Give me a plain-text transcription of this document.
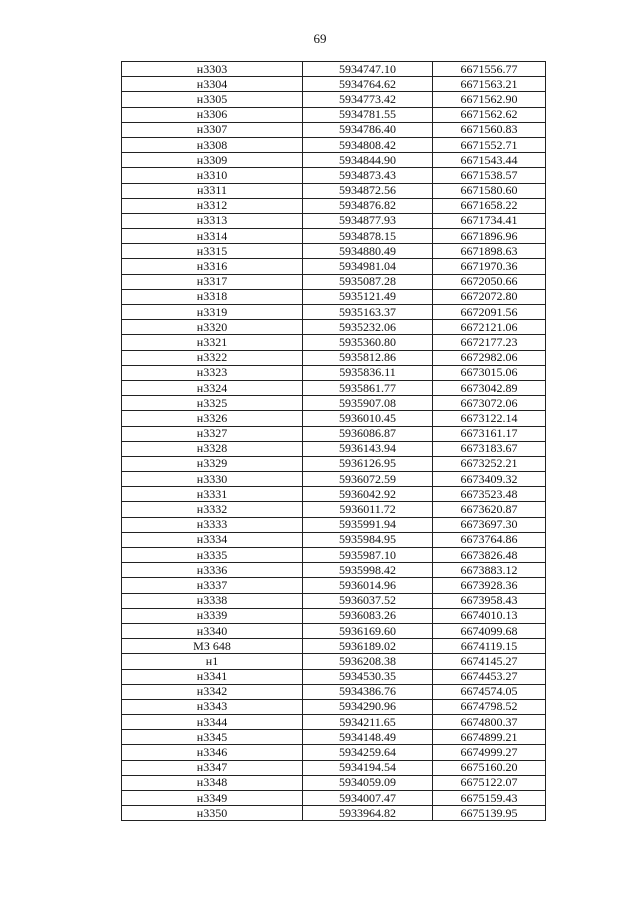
69
н3303	5934747.10	6671556.77
н3304	5934764.62	6671563.21
н3305	5934773.42	6671562.90
н3306	5934781.55	6671562.62
н3307	5934786.40	6671560.83
н3308	5934808.42	6671552.71
н3309	5934844.90	6671543.44
н3310	5934873.43	6671538.57
н3311	5934872.56	6671580.60
н3312	5934876.82	6671658.22
н3313	5934877.93	6671734.41
н3314	5934878.15	6671896.96
н3315	5934880.49	6671898.63
н3316	5934981.04	6671970.36
н3317	5935087.28	6672050.66
н3318	5935121.49	6672072.80
н3319	5935163.37	6672091.56
н3320	5935232.06	6672121.06
н3321	5935360.80	6672177.23
н3322	5935812.86	6672982.06
н3323	5935836.11	6673015.06
н3324	5935861.77	6673042.89
н3325	5935907.08	6673072.06
н3326	5936010.45	6673122.14
н3327	5936086.87	6673161.17
н3328	5936143.94	6673183.67
н3329	5936126.95	6673252.21
н3330	5936072.59	6673409.32
н3331	5936042.92	6673523.48
н3332	5936011.72	6673620.87
н3333	5935991.94	6673697.30
н3334	5935984.95	6673764.86
н3335	5935987.10	6673826.48
н3336	5935998.42	6673883.12
н3337	5936014.96	6673928.36
н3338	5936037.52	6673958.43
н3339	5936083.26	6674010.13
н3340	5936169.60	6674099.68
МЗ 648	5936189.02	6674119.15
н1	5936208.38	6674145.27
н3341	5934530.35	6674453.27
н3342	5934386.76	6674574.05
н3343	5934290.96	6674798.52
н3344	5934211.65	6674800.37
н3345	5934148.49	6674899.21
н3346	5934259.64	6674999.27
н3347	5934194.54	6675160.20
н3348	5934059.09	6675122.07
н3349	5934007.47	6675159.43
н3350	5933964.82	6675139.95
